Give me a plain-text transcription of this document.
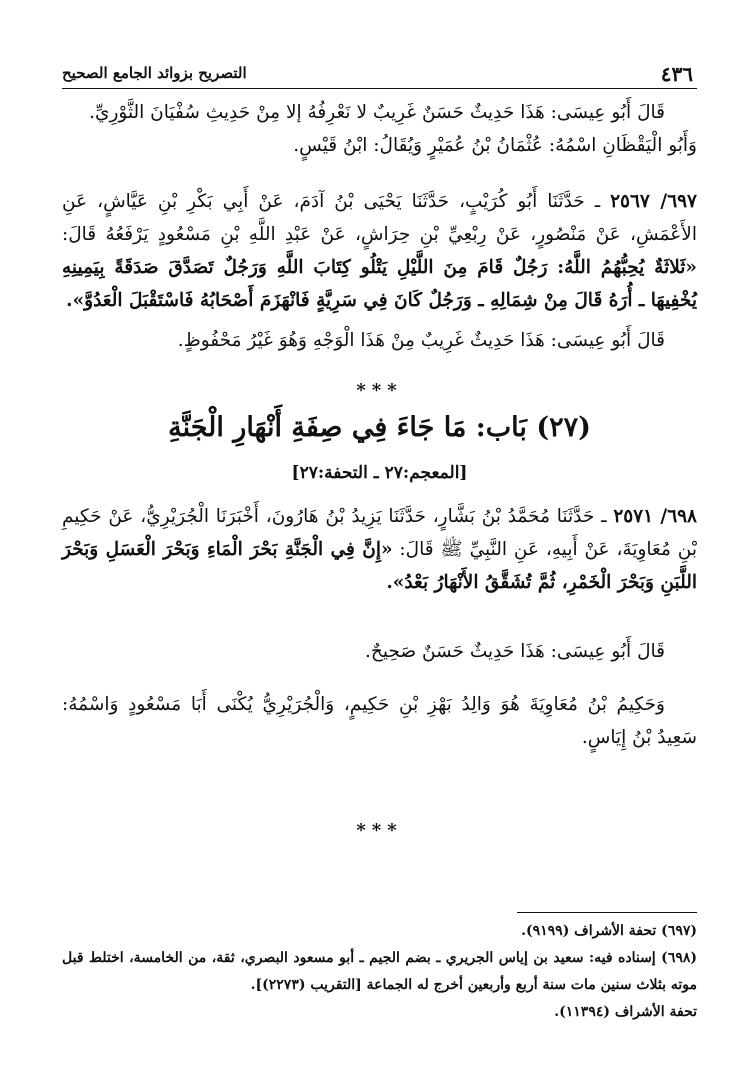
٤٣٦
التصريح بزوائد الجامع الصحيح

قَالَ أَبُو عِيسَى: هَذَا حَدِيثٌ حَسَنٌ غَرِيبٌ لا نَعْرِفُهُ إلا مِنْ حَدِيثِ سُفْيَانَ الثَّوْرِيِّ.

وَأَبُو الْيَقْظَانِ اسْمُهُ: عُثْمَانُ بْنُ عُمَيْرٍ وَيُقَالُ: ابْنُ قَيْسٍ.

٦٩٧/ ٢٥٦٧ ـ حَدَّثَنَا أَبُو كُرَيْبٍ، حَدَّثَنَا يَحْيَى بْنُ آدَمَ، عَنْ أَبِي بَكْرِ بْنِ عَيَّاشٍ، عَنِ الأَعْمَشِ، عَنْ مَنْصُورٍ، عَنْ رِبْعِيِّ بْنِ حِرَاشٍ، عَنْ عَبْدِ اللَّهِ بْنِ مَسْعُودٍ يَرْفَعُهُ قَالَ: «ثَلاثَةٌ يُحِبُّهُمُ اللَّهُ: رَجُلٌ قَامَ مِنَ اللَّيْلِ يَتْلُو كِتَابَ اللَّهِ وَرَجُلٌ تَصَدَّقَ صَدَقَةً بِيَمِينِهِ يُخْفِيهَا ـ أُرَهُ قَالَ مِنْ شِمَالِهِ ـ وَرَجُلٌ كَانَ فِي سَرِيَّةٍ فَانْهَزَمَ أَصْحَابُهُ فَاسْتَقْبَلَ الْعَدُوَّ».

قَالَ أَبُو عِيسَى: هَذَا حَدِيثٌ غَرِيبٌ مِنْ هَذَا الْوَجْهِ وَهُوَ غَيْرُ مَحْفُوظٍ.

***
(٢٧) بَاب: مَا جَاءَ فِي صِفَةِ أَنْهَارِ الْجَنَّةِ
[المعجم:٢٧ ـ التحفة:٢٧]

٦٩٨/ ٢٥٧١ ـ حَدَّثَنَا مُحَمَّدُ بْنُ بَشَّارٍ، حَدَّثَنَا يَزِيدُ بْنُ هَارُونَ، أَخْبَرَنَا الْجُرَيْرِيُّ، عَنْ حَكِيمِ بْنِ مُعَاوِيَةَ، عَنْ أَبِيهِ، عَنِ النَّبِيِّ ﷺ قَالَ: «إِنَّ فِي الْجَنَّةِ بَحْرَ الْمَاءِ وَبَحْرَ الْعَسَلِ وَبَحْرَ اللَّبَنِ وَبَحْرَ الْخَمْرِ، ثُمَّ تُشَقَّقُ الأَنْهَارُ بَعْدُ».

قَالَ أَبُو عِيسَى: هَذَا حَدِيثٌ حَسَنٌ صَحِيحٌ.

وَحَكِيمُ بْنُ مُعَاوِيَةَ هُوَ وَالِدُ بَهْزِ بْنِ حَكِيمٍ، وَالْجُرَيْرِيُّ يُكْنَى أَبَا مَسْعُودٍ وَاسْمُهُ: سَعِيدُ بْنُ إِيَاسٍ.

***

(٦٩٧) تحفة الأشراف (٩١٩٩).

(٦٩٨) إسناده فيه: سعيد بن إياس الجريري ـ بضم الجيم ـ أبو مسعود البصري، ثقة، من الخامسة، اختلط قبل موته بثلاث سنين مات سنة أربع وأربعين أخرج له الجماعة [التقريب (٢٢٧٣)].

تحفة الأشراف (١١٣٩٤).
